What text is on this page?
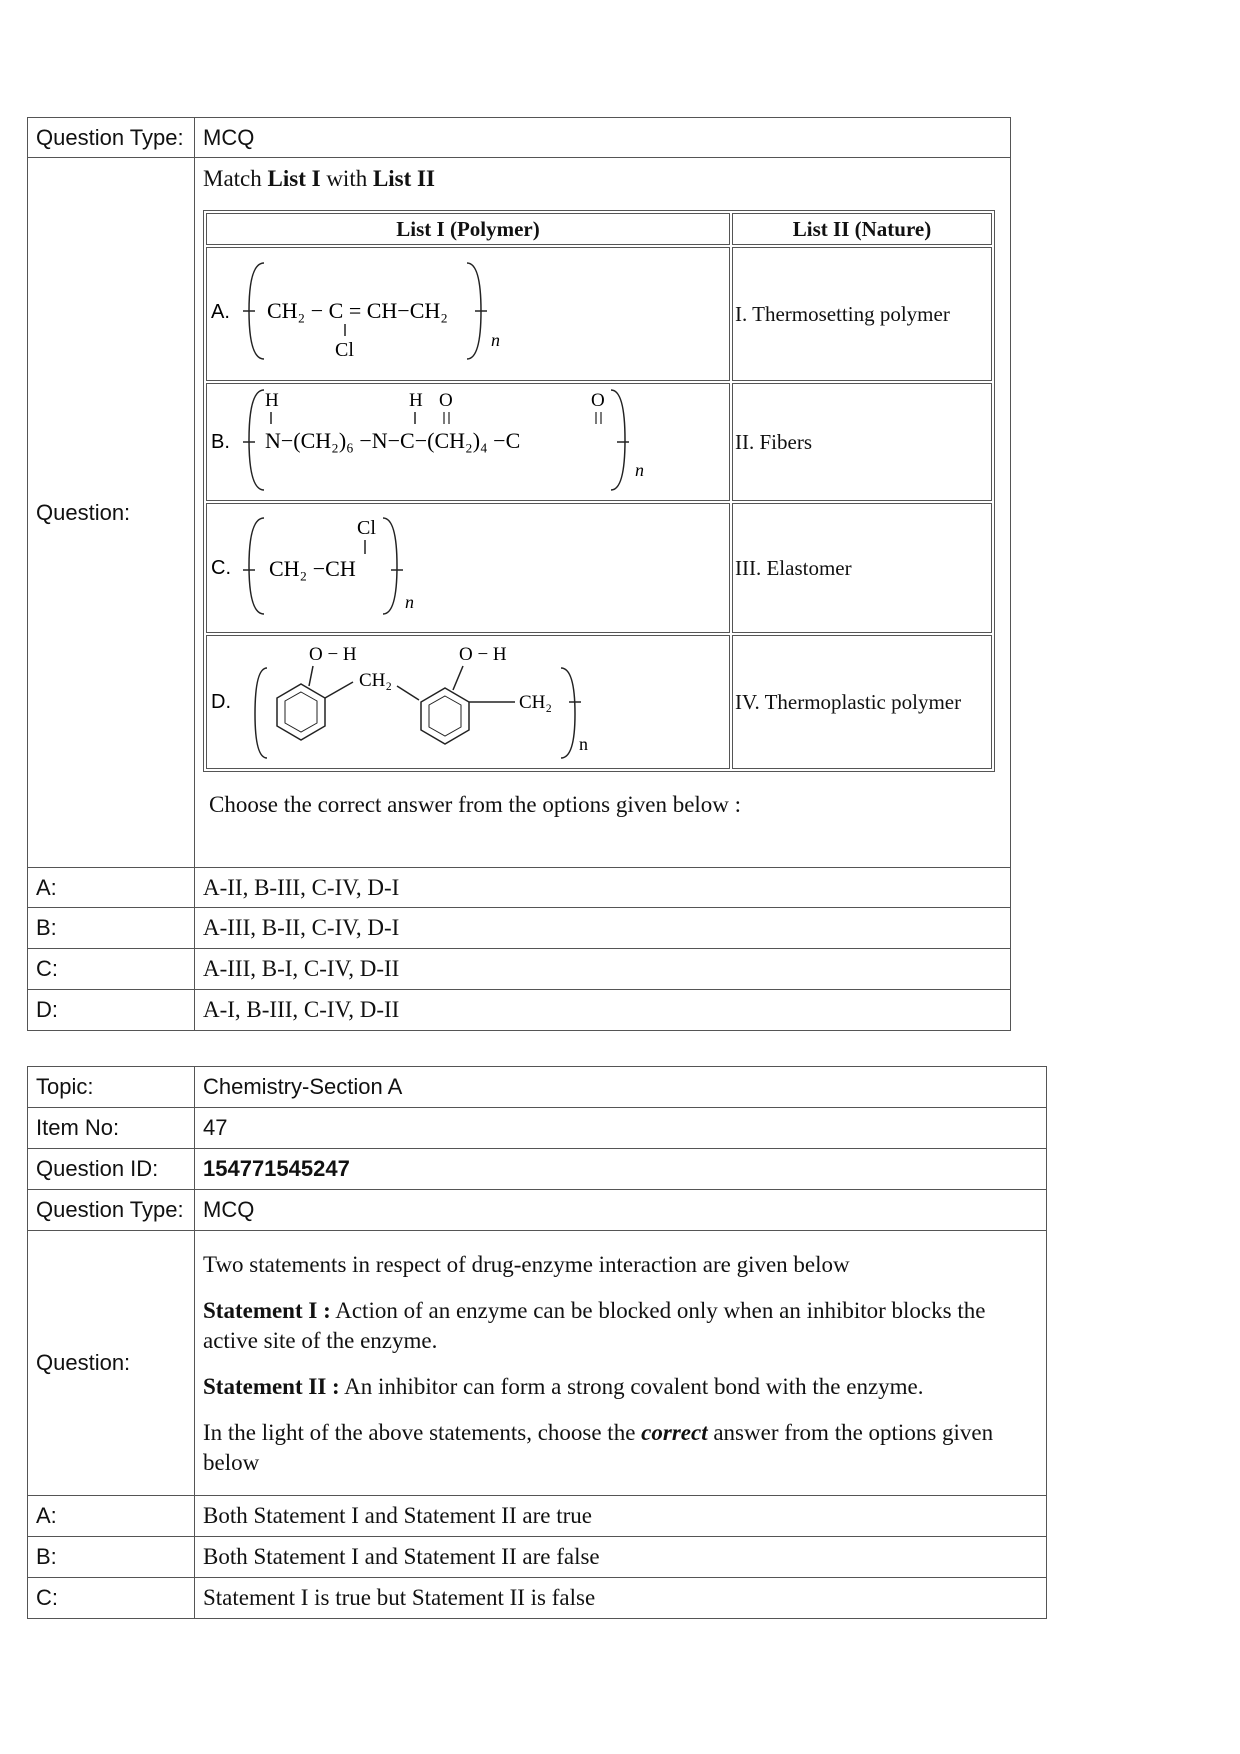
Question Type:	MCQ
Question:	
Match List I with List II
List I (Polymer)	List II (Nature)

A. CH₂ − C = CH−CH₂
Cl	n
	I. Thermosetting polymer

B.
H	H O
N−(CH₂)₆ −N−C−(CH₂)₄ −C
O
n
	II. Fibers

C.
Cl
CH₂ −CH
n
	III. Elastomer

D.
O − H
CH₂
O − H
CH₂
n
	IV. Thermoplastic polymer
Choose the correct answer from the options given below :

A:	A-II, B-III, C-IV, D-I
B:	A-III, B-II, C-IV, D-I
C:	A-III, B-I, C-IV, D-II
D:	A-I, B-III, C-IV, D-II
Topic:	Chemistry-Section A
Item No:	47
Question ID:	154771545247
Question Type:	MCQ
Question:	Two statements in respect of drug-enzyme interaction are given below

Statement I : Action of an enzyme can be blocked only when an inhibitor blocks the active site of the enzyme.

Statement II : An inhibitor can form a strong covalent bond with the enzyme.

In the light of the above statements, choose the correct answer from the options given below

A:	Both Statement I and Statement II are true
B:	Both Statement I and Statement II are false
C:	Statement I is true but Statement II is false
